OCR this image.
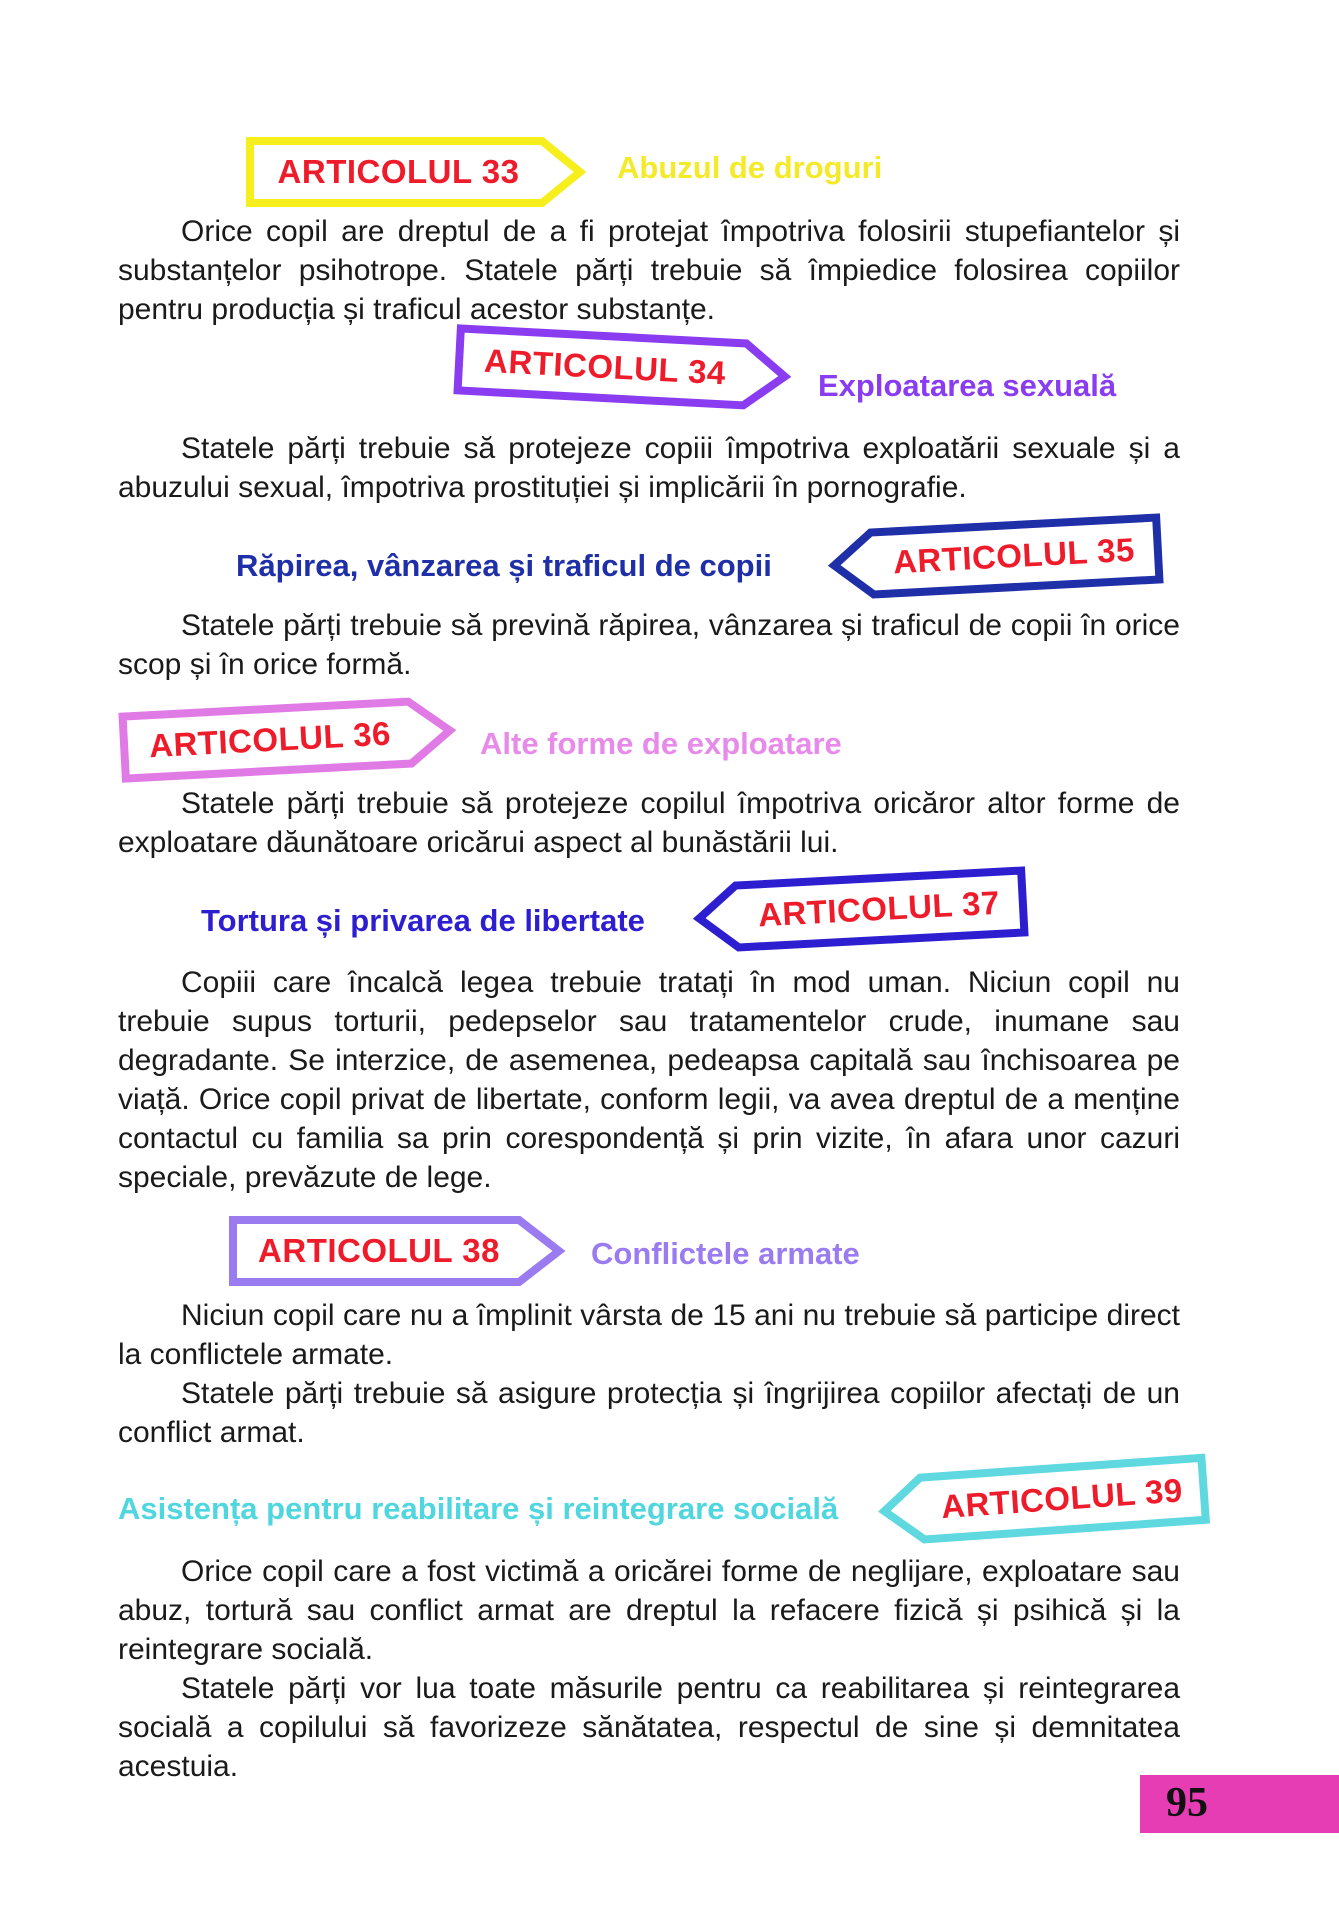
ARTICOLUL 33	Abuzul de droguri
Orice copil are dreptul de a fi protejat împotriva folosirii stupefiantelor și substanțelor psihotrope. Statele părți trebuie să împiedice folosirea copiilor pentru producția și traficul acestor substanțe.
ARTICOLUL 34	Exploatarea sexuală
Statele părți trebuie să protejeze copiii împotriva exploatării sexuale și a abuzului sexual, împotriva prostituției și implicării în pornografie.
Răpirea, vânzarea și traficul de copii	ARTICOLUL 35
Statele părți trebuie să prevină răpirea, vânzarea și traficul de copii în orice scop și în orice formă.
ARTICOLUL 36	Alte forme de exploatare
Statele părți trebuie să protejeze copilul împotriva oricăror altor forme de exploatare dăunătoare oricărui aspect al bunăstării lui.
Tortura și privarea de libertate	ARTICOLUL 37
Copiii care încalcă legea trebuie tratați în mod uman. Niciun copil nu trebuie supus torturii, pedepselor sau tratamentelor crude, inumane sau degradante. Se interzice, de asemenea, pedeapsa capitală sau închisoarea pe viață. Orice copil privat de libertate, conform legii, va avea dreptul de a menține contactul cu familia sa prin corespondență și prin vizite, în afara unor cazuri speciale, prevăzute de lege.
ARTICOLUL 38	Conflictele armate
Niciun copil care nu a împlinit vârsta de 15 ani nu trebuie să participe direct la conflictele armate.
Statele părți trebuie să asigure protecția și îngrijirea copiilor afectați de un conflict armat.
Asistența pentru reabilitare și reintegrare socială	ARTICOLUL 39
Orice copil care a fost victimă a oricărei forme de neglijare, exploatare sau abuz, tortură sau conflict armat are dreptul la refacere fizică și psihică și la reintegrare socială.
Statele părți vor lua toate măsurile pentru ca reabilitarea și reintegrarea socială a copilului să favorizeze sănătatea, respectul de sine și demnitatea acestuia.
95
